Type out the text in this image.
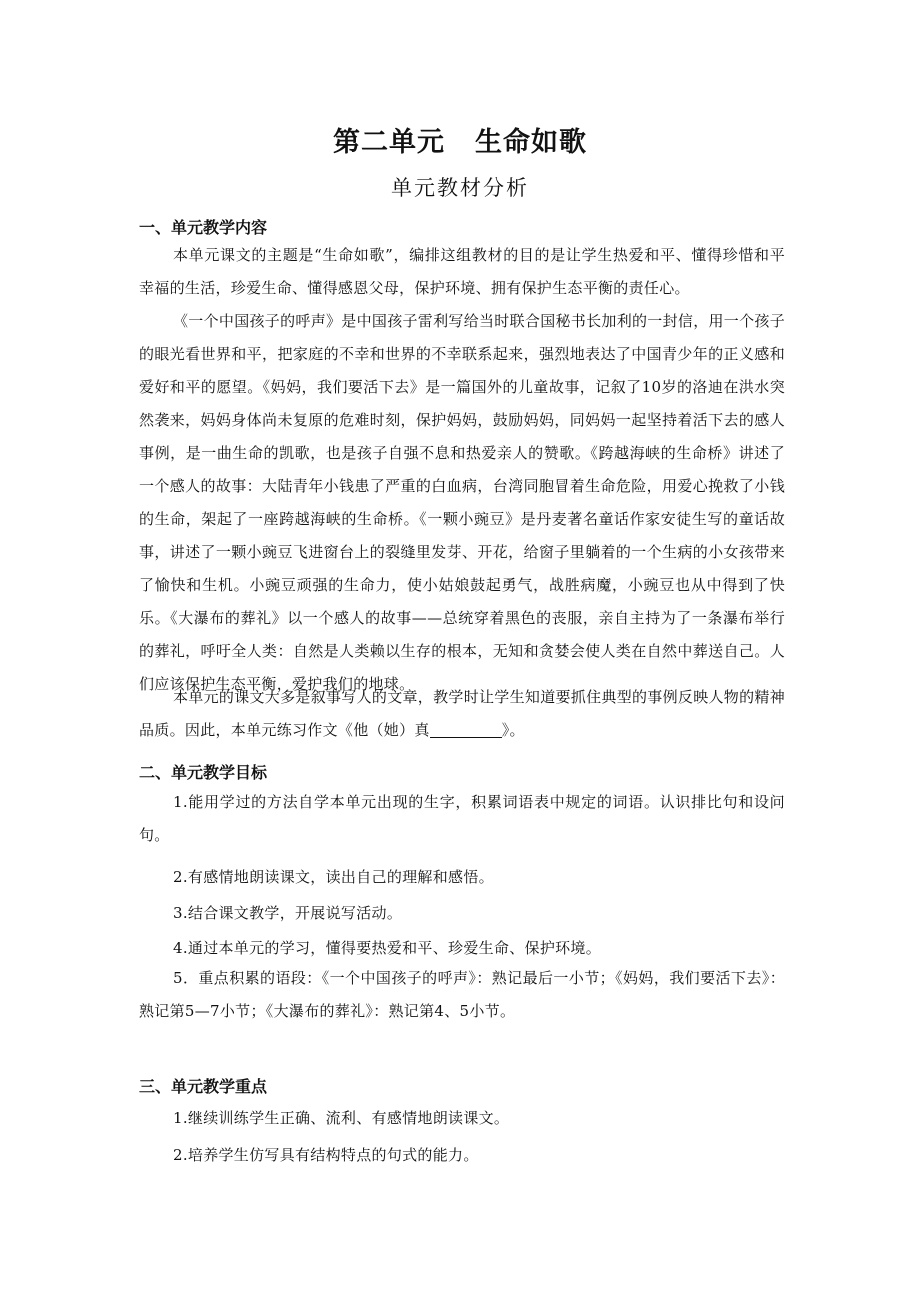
第二单元 生命如歌
单元教材分析
一、单元教学内容
本单元课文的主题是“生命如歌”，编排这组教材的目的是让学生热爱和平、懂得珍惜和平幸福的生活，珍爱生命、懂得感恩父母，保护环境、拥有保护生态平衡的责任心。
《一个中国孩子的呼声》是中国孩子雷利写给当时联合国秘书长加利的一封信，用一个孩子的眼光看世界和平，把家庭的不幸和世界的不幸联系起来，强烈地表达了中国青少年的正义感和爱好和平的愿望。《妈妈，我们要活下去》是一篇国外的儿童故事，记叙了10岁的洛迪在洪水突然袭来，妈妈身体尚未复原的危难时刻，保护妈妈，鼓励妈妈，同妈妈一起坚持着活下去的感人事例，是一曲生命的凯歌，也是孩子自强不息和热爱亲人的赞歌。《跨越海峡的生命桥》讲述了一个感人的故事：大陆青年小钱患了严重的白血病，台湾同胞冒着生命危险，用爱心挽救了小钱的生命，架起了一座跨越海峡的生命桥。《一颗小豌豆》是丹麦著名童话作家安徒生写的童话故事，讲述了一颗小豌豆飞进窗台上的裂缝里发芽、开花，给窗子里躺着的一个生病的小女孩带来了愉快和生机。小豌豆顽强的生命力，使小姑娘鼓起勇气，战胜病魔，小豌豆也从中得到了快乐。《大瀑布的葬礼》以一个感人的故事——总统穿着黑色的丧服，亲自主持为了一条瀑布举行的葬礼，呼吁全人类：自然是人类赖以生存的根本，无知和贪婪会使人类在自然中葬送自己。人们应该保护生态平衡，爱护我们的地球。
本单元的课文大多是叙事写人的文章，教学时让学生知道要抓住典型的事例反映人物的精神品质。因此，本单元练习作文《他（她）真	》。
二、单元教学目标
1.能用学过的方法自学本单元出现的生字，积累词语表中规定的词语。认识排比句和设问句。
2.有感情地朗读课文，读出自己的理解和感悟。
3.结合课文教学，开展说写活动。
4.通过本单元的学习，懂得要热爱和平、珍爱生命、保护环境。
5．重点积累的语段：《一个中国孩子的呼声》：熟记最后一小节；《妈妈，我们要活下去》：熟记第5—7小节；《大瀑布的葬礼》：熟记第4、5小节。
三、单元教学重点
1.继续训练学生正确、流利、有感情地朗读课文。
2.培养学生仿写具有结构特点的句式的能力。
